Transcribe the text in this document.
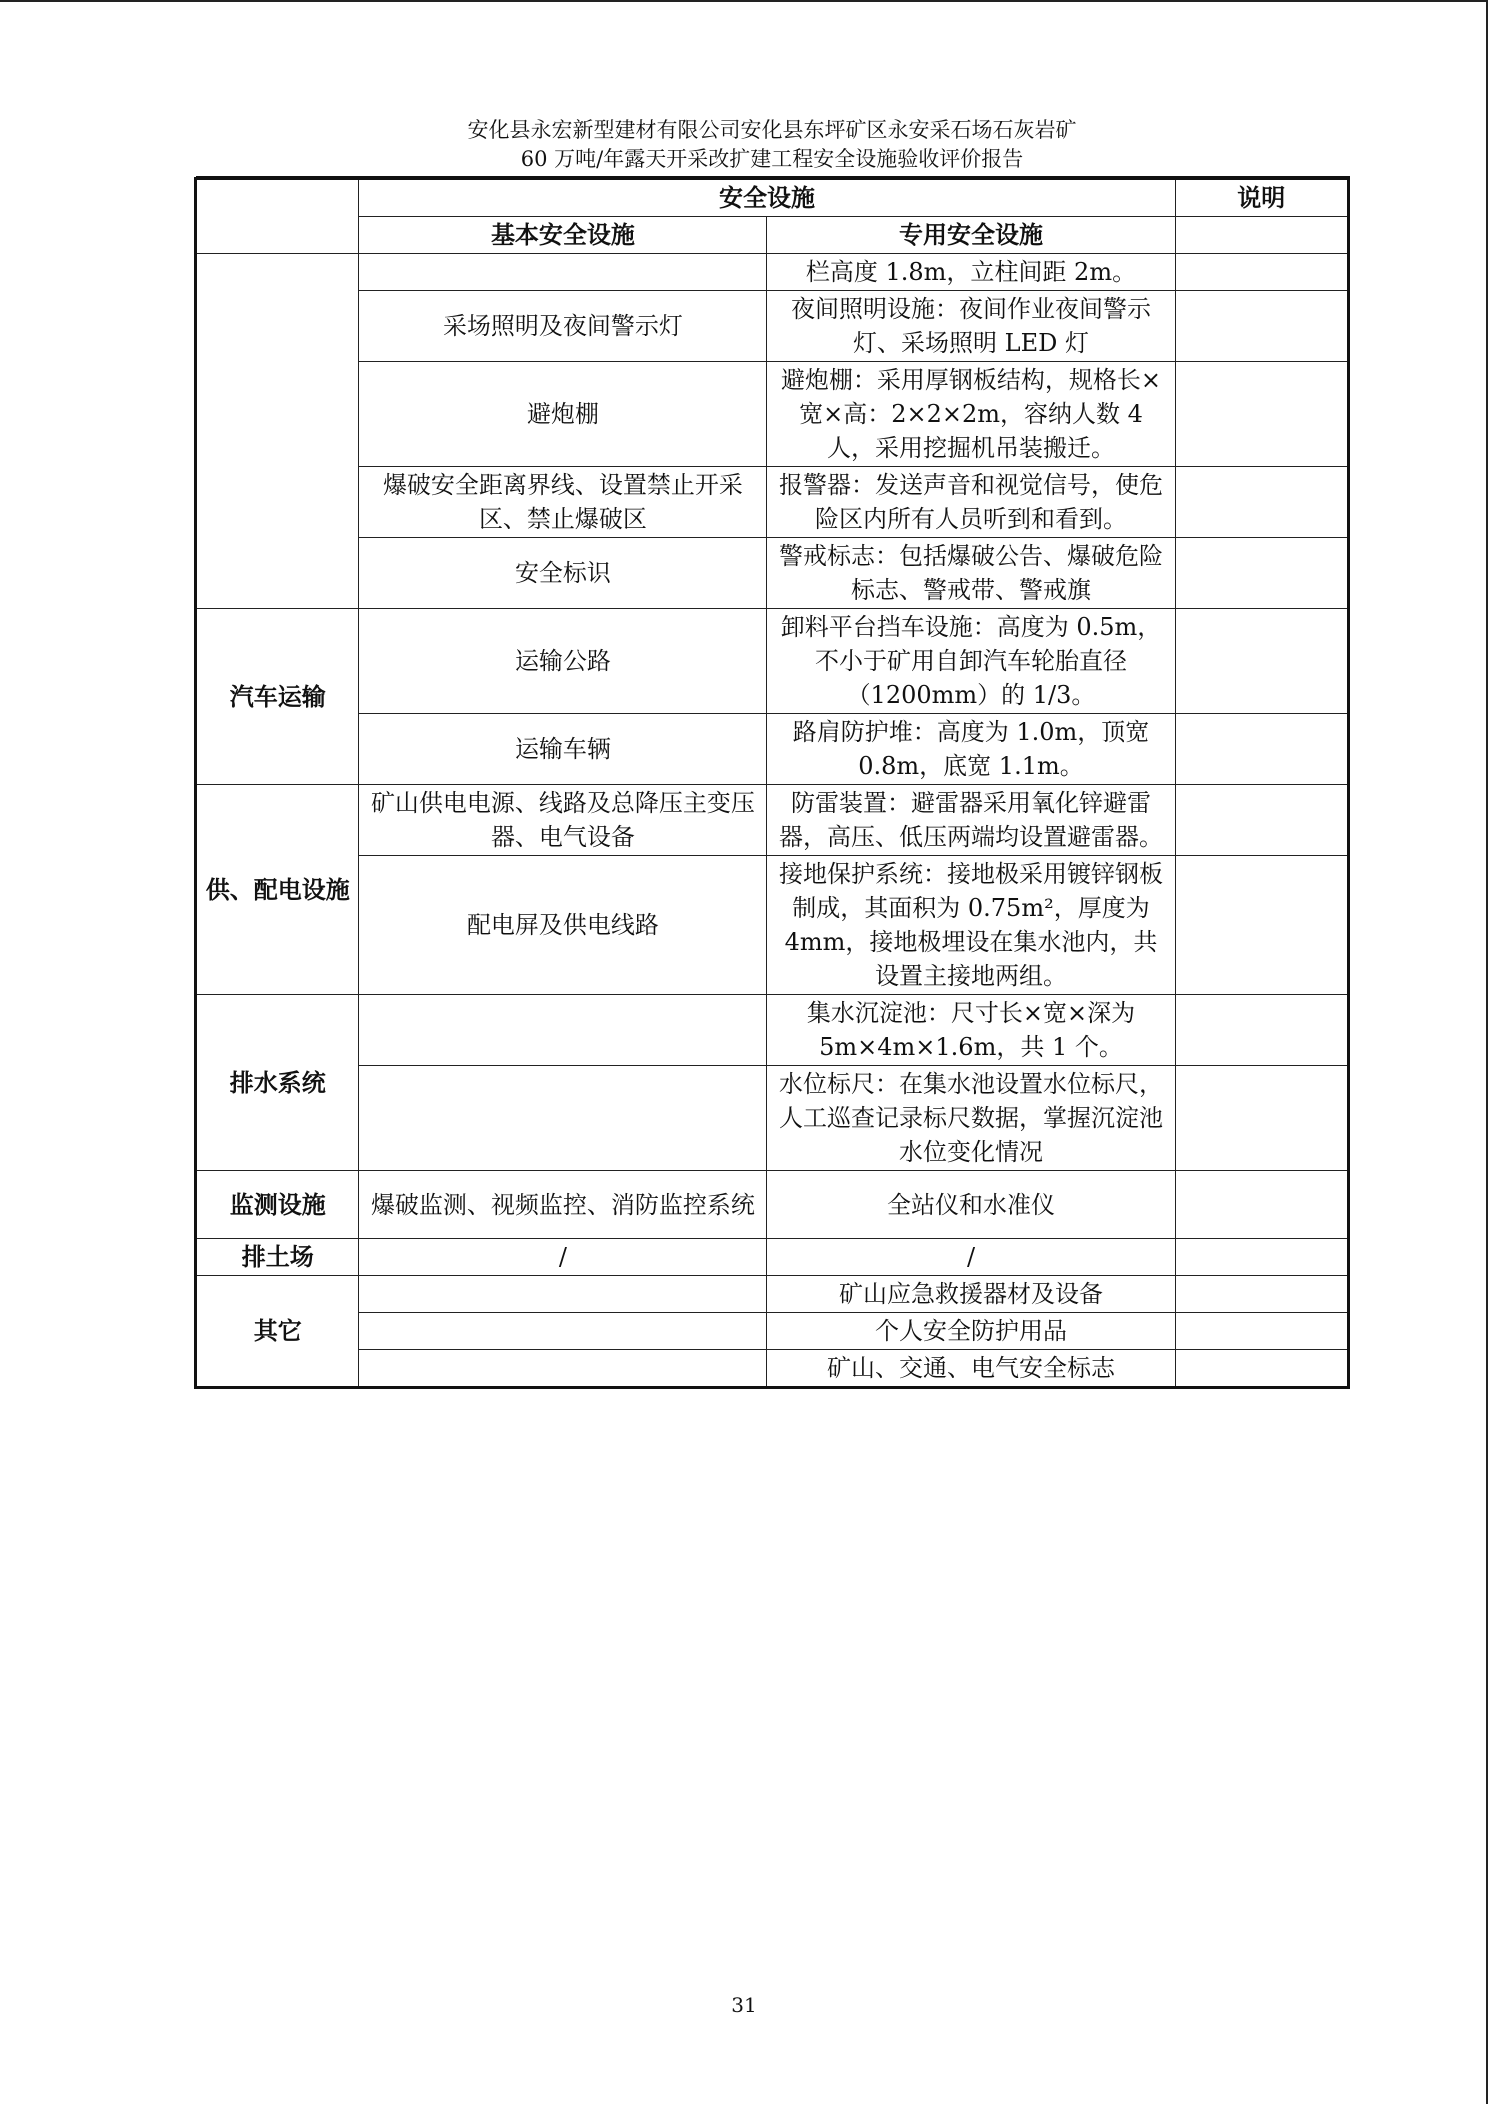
安化县永宏新型建材有限公司安化县东坪矿区永安采石场石灰岩矿
60 万吨/年露天开采改扩建工程安全设施验收评价报告
	安全设施		说明
	基本安全设施	专用安全设施	
		栏高度 1.8m，立柱间距 2m。	
	采场照明及夜间警示灯	夜间照明设施：夜间作业夜间警示灯、采场照明 LED 灯	
	避炮棚	避炮棚：采用厚钢板结构，规格长×宽×高：2×2×2m，容纳人数 4 人，采用挖掘机吊装搬迁。	
	爆破安全距离界线、设置禁止开采区、禁止爆破区	报警器：发送声音和视觉信号，使危险区内所有人员听到和看到。	
	安全标识	警戒标志：包括爆破公告、爆破危险标志、警戒带、警戒旗	
汽车运输	运输公路	卸料平台挡车设施：高度为 0.5m，不小于矿用自卸汽车轮胎直径（1200mm）的 1/3。	
	运输车辆	路肩防护堆：高度为 1.0m，顶宽 0.8m，底宽 1.1m。	
供、配电设施	矿山供电电源、线路及总降压主变压器、电气设备	防雷装置：避雷器采用氧化锌避雷器，高压、低压两端均设置避雷器。	
	配电屏及供电线路	接地保护系统：接地极采用镀锌钢板制成，其面积为 0.75m²，厚度为 4mm，接地极埋设在集水池内，共设置主接地两组。	
排水系统		集水沉淀池：尺寸长×宽×深为 5m×4m×1.6m，共 1 个。	
		水位标尺：在集水池设置水位标尺，人工巡查记录标尺数据，掌握沉淀池水位变化情况	
监测设施	爆破监测、视频监控、消防监控系统	全站仪和水准仪	
排土场	/	/	
其它		矿山应急救援器材及设备	
		个人安全防护用品	
		矿山、交通、电气安全标志	
31
